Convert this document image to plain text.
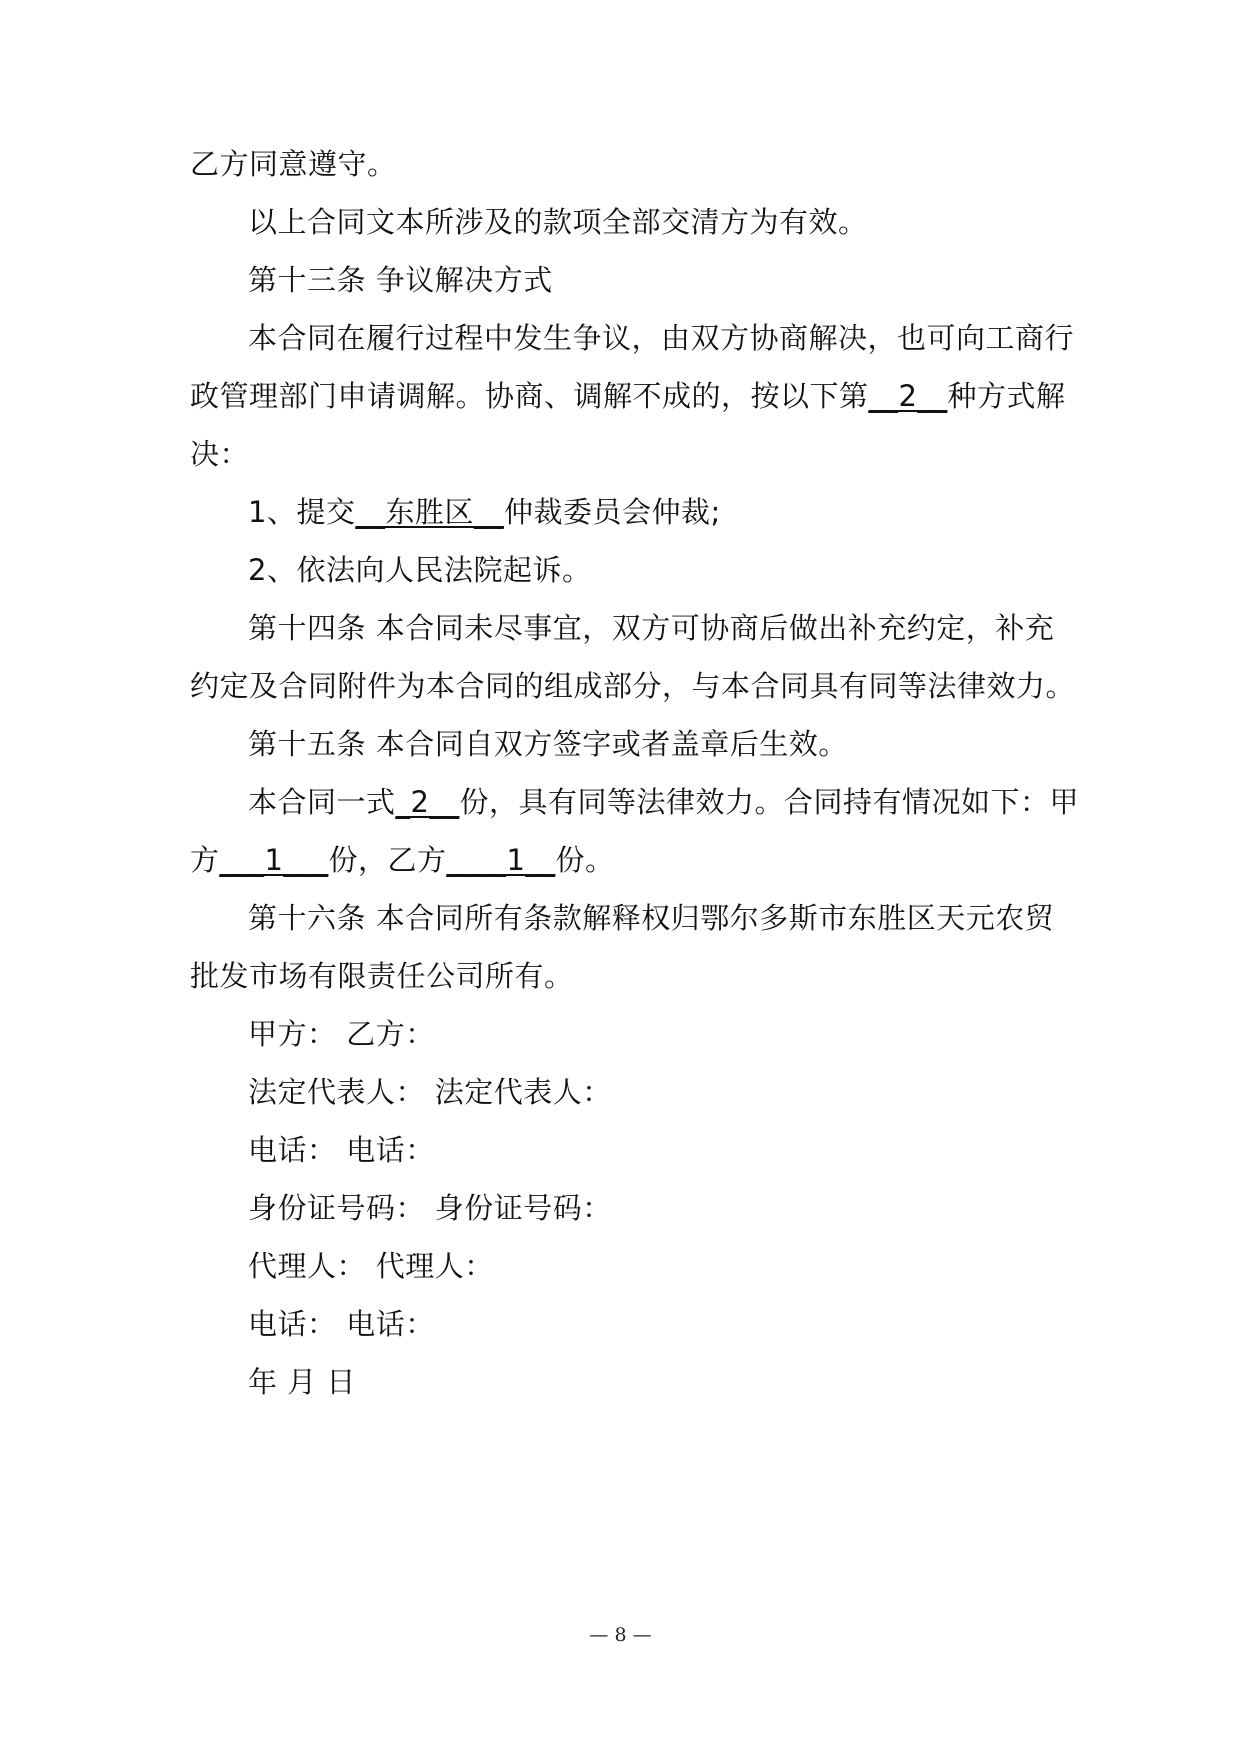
乙方同意遵守。
以上合同文本所涉及的款项全部交清方为有效。
第十三条 争议解决方式
本合同在履行过程中发生争议，由双方协商解决，也可向工商行
政管理部门申请调解。协商、调解不成的，按以下第__2__种方式解
决：
1、提交__东胜区__仲裁委员会仲裁;
2、依法向人民法院起诉。
第十四条 本合同未尽事宜，双方可协商后做出补充约定，补充
约定及合同附件为本合同的组成部分，与本合同具有同等法律效力。
第十五条 本合同自双方签字或者盖章后生效。
本合同一式_2__份，具有同等法律效力。合同持有情况如下：甲
方___1___份，乙方____1__份。
第十六条 本合同所有条款解释权归鄂尔多斯市东胜区天元农贸
批发市场有限责任公司所有。
甲方： 乙方：
法定代表人： 法定代表人：
电话： 电话：
身份证号码： 身份证号码：
代理人： 代理人：
电话： 电话：
年 月 日
— 8 —
